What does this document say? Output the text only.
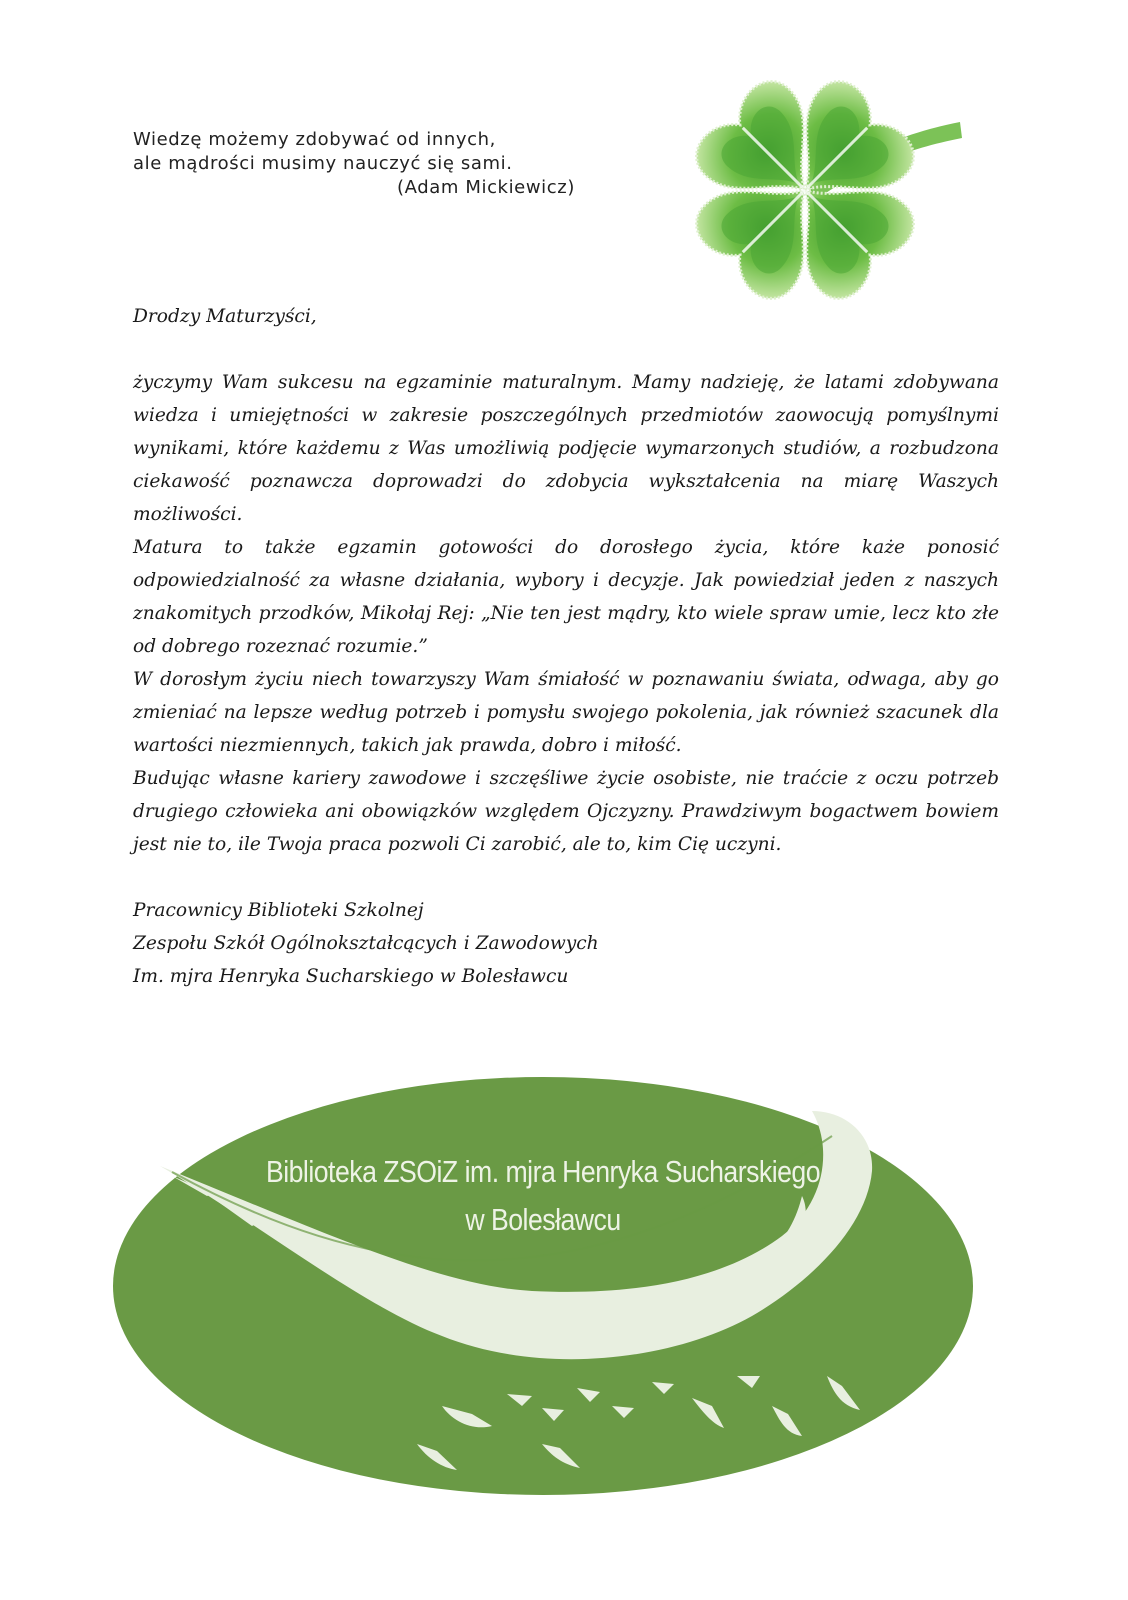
Wiedzę możemy zdobywać od innych,
ale mądrości musimy nauczyć się sami.
(Adam Mickiewicz)

Drodzy Maturzyści,

życzymy Wam sukcesu na egzaminie maturalnym. Mamy nadzieję, że latami zdobywana wiedza i umiejętności w zakresie poszczególnych przedmiotów zaowocują pomyślnymi wynikami, które każdemu z Was umożliwią podjęcie wymarzonych studiów, a rozbudzona ciekawość poznawcza doprowadzi do zdobycia wykształcenia na miarę Waszych możliwości.

Matura to także egzamin gotowości do dorosłego życia, które każe ponosić odpowiedzialność za własne działania, wybory i decyzje. Jak powiedział jeden z naszych znakomitych przodków, Mikołaj Rej: „Nie ten jest mądry, kto wiele spraw umie, lecz kto złe od dobrego rozeznać rozumie.”

W dorosłym życiu niech towarzyszy Wam śmiałość w poznawaniu świata, odwaga, aby go zmieniać na lepsze według potrzeb i pomysłu swojego pokolenia, jak również szacunek dla wartości niezmiennych, takich jak prawda, dobro i miłość.

Budując własne kariery zawodowe i szczęśliwe życie osobiste, nie traćcie z oczu potrzeb drugiego człowieka ani obowiązków względem Ojczyzny. Prawdziwym bogactwem bowiem jest nie to, ile Twoja praca pozwoli Ci zarobić, ale to, kim Cię uczyni.

Pracownicy Biblioteki Szkolnej
Zespołu Szkół Ogólnokształcących i Zawodowych
Im. mjra Henryka Sucharskiego w Bolesławcu
Biblioteka ZSOiZ im. mjra Henryka Sucharskiego
w Bolesławcu
